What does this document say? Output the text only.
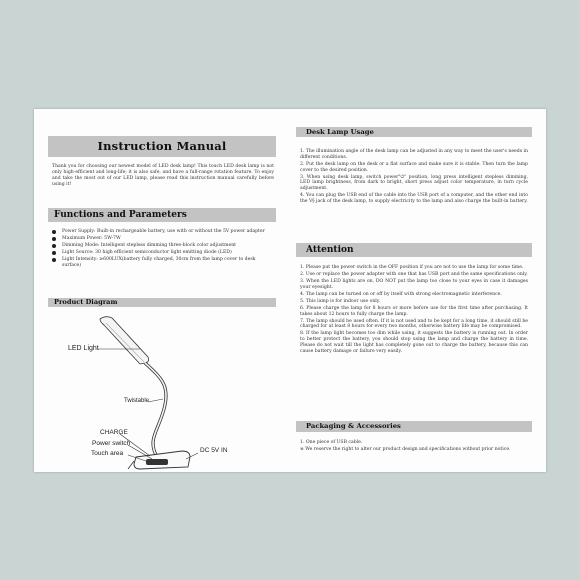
Instruction Manual
Thank you for choosing our newest model of LED desk lamp! This touch LED desk lamp is not only high-efficient and long-life; it is also safe, and have a full-range rotation feature. To enjoy and take the most out of our LED lamp, please read this instruction manual carefully before using it!
Functions and Parameters
Power Supply: Built-in rechargeable battery, use with or without the 5V power adapter
Maximum Power: 5W-7W
Dimming Mode: Intelligent stepless dimming three-block color adjustment
Light Source: 30 high efficient semiconductor light emitting diode (LED)
Light Intensity: ≥600LUX(battery fully charged, 30cm from the lamp cover to desk surface)
Product Diagram
LED Light
Twistable
CHARGE
Power switch
Touch area	DC 5V IN
Desk Lamp Usage
1. The illumination angle of the desk lamp can be adjusted in any way to meet the user's needs in different conditions.
2. Put the desk lamp on the desk or a flat surface and make sure it is stable. Then turn the lamp cover to the desired position.
3. When using desk lamp, switch power"⏻" position, long press intelligent stepless dimming, LED lamp brightness, from dark to bright, short press adjust color temperature, in turn cycle adjustment.
4. You can plug the USB end of the cable into the USB port of a computer, and the other end into the V§ jack of the desk lamp, to supply electricity to the lamp and also charge the built-in battery.
Attention
1. Please put the power switch in the OFF position if you are not to use the lamp for some time.
2. Use or replace the power adapter with one that has USB port and the same specifications only.
3. When the LED lights are on, DO NOT put the lamp too close to your eyes in case it damages your eyesight.
4. The lamp can be turned on or off by itself with strong electromagnetic interference.
5. This lamp is for indoor use only.
6. Please charge the lamp for 8 hours or more before use for the first time after purchasing. It takes about 12 hours to fully charge the lamp.
7. The lamp should be used often. If it is not used and to be kept for a long time, it should still be charged for at least 8 hours for every two months, otherwise battery life may be compromised.
8. If the lamp light becomes too dim while using, it suggests the battery is running out. In order to better protect the battery, you should stop using the lamp and charge the battery in time. Please do not wait till the light has completely gone out to charge the battery, because this can cause battery damage or failure very easily.
Packaging & Accessories
1. One piece of USB cable.
※ We reserve the right to alter our product design and specifications without prior notice.
